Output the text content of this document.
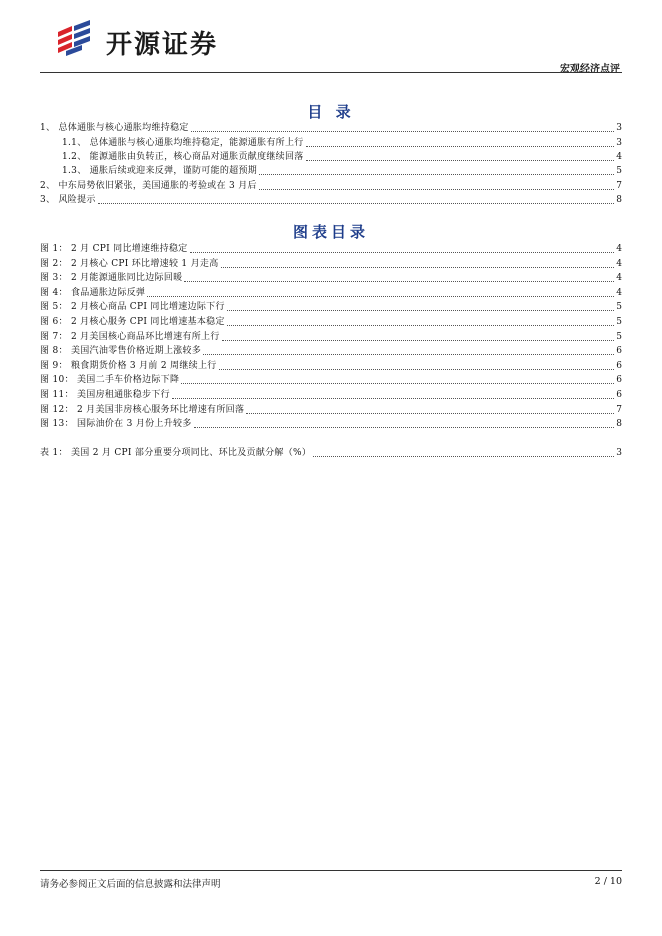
开源证券
宏观经济点评
目 录
1、 总体通胀与核心通胀均维持稳定	3
1.1、 总体通胀与核心通胀均维持稳定，能源通胀有所上行	3
1.2、 能源通胀由负转正，核心商品对通胀贡献度继续回落	4
1.3、 通胀后续或迎来反弹，谨防可能的超预期	5
2、 中东局势依旧紧张，美国通胀的考验或在 3 月后	7
3、 风险提示	8
图表目录
图 1： 2 月 CPI 同比增速维持稳定	4
图 2： 2 月核心 CPI 环比增速较 1 月走高	4
图 3： 2 月能源通胀同比边际回暖	4
图 4： 食品通胀边际反弹	4
图 5： 2 月核心商品 CPI 同比增速边际下行	5
图 6： 2 月核心服务 CPI 同比增速基本稳定	5
图 7： 2 月美国核心商品环比增速有所上行	5
图 8： 美国汽油零售价格近期上涨较多	6
图 9： 粮食期货价格 3 月前 2 周继续上行	6
图 10： 美国二手车价格边际下降	6
图 11： 美国房租通胀稳步下行	6
图 12： 2 月美国非房核心服务环比增速有所回落	7
图 13： 国际油价在 3 月份上升较多	8
表 1： 美国 2 月 CPI 部分重要分项同比、环比及贡献分解（%）	3
请务必参阅正文后面的信息披露和法律声明	2 / 10
